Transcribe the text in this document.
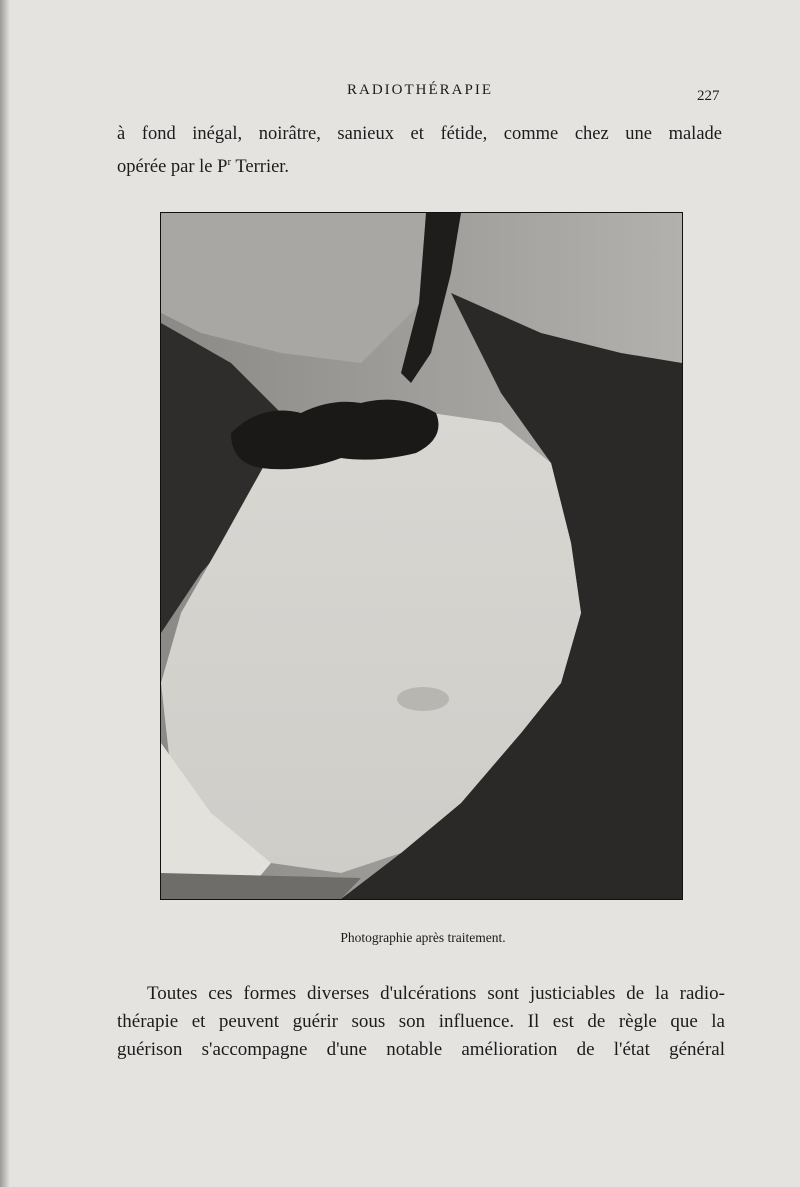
RADIOTHÉRAPIE	227
à fond inégal, noirâtre, sanieux et fétide, comme chez une malade
opérée par le $P^r$ Terrier.
Photographie après traitement.
Toutes ces formes diverses d'ulcérations sont justiciables de la radio-
thérapie et peuvent guérir sous son influence. Il est de règle que la
guérison s'accompagne d'une notable amélioration de l'état général
